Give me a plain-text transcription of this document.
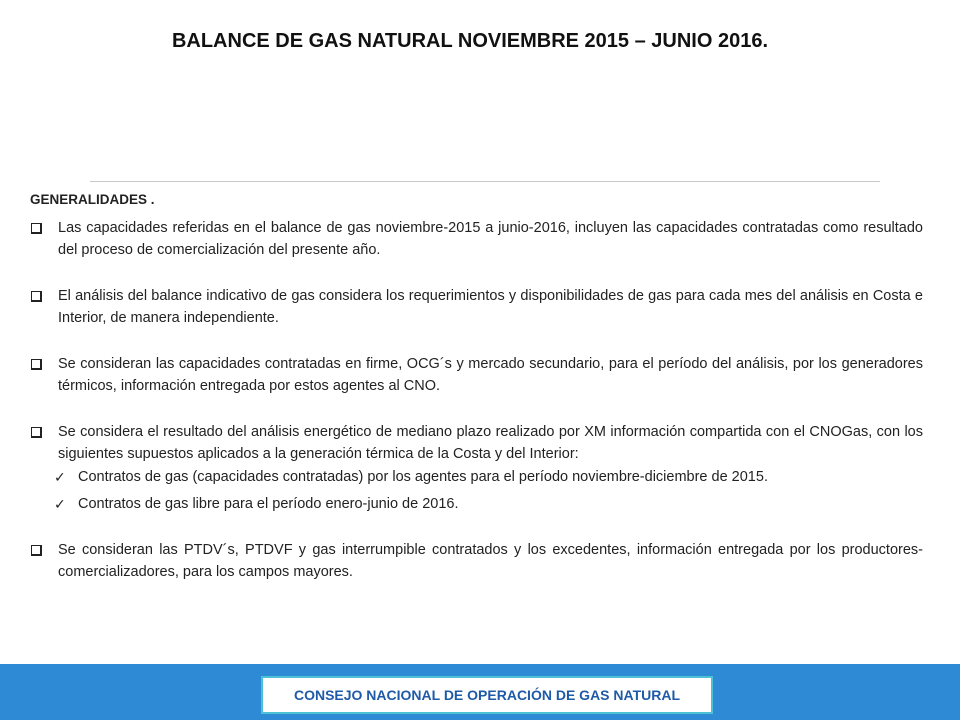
BALANCE DE GAS NATURAL NOVIEMBRE 2015 – JUNIO 2016.
GENERALIDADES .
Las capacidades referidas en el balance de gas noviembre-2015 a junio-2016, incluyen las capacidades contratadas como resultado del proceso de comercialización del presente año.
El análisis del balance indicativo de gas considera los requerimientos y disponibilidades de gas para cada mes del análisis en Costa e Interior, de manera independiente.
Se consideran las capacidades contratadas en firme, OCG´s y mercado secundario, para el período del análisis, por los generadores térmicos, información entregada por estos agentes al CNO.
Se considera el resultado del análisis energético de mediano plazo realizado por XM información compartida con el CNOGas, con los siguientes supuestos aplicados a la generación térmica de la Costa y del Interior:
✓ Contratos de gas (capacidades contratadas) por los agentes para el período noviembre-diciembre de 2015.
✓ Contratos de gas libre para el período enero-junio de 2016.
Se consideran las PTDV´s, PTDVF y gas interrumpible contratados y los excedentes, información entregada por los productores-comercializadores, para los campos mayores.
CONSEJO NACIONAL DE OPERACIÓN DE GAS NATURAL
